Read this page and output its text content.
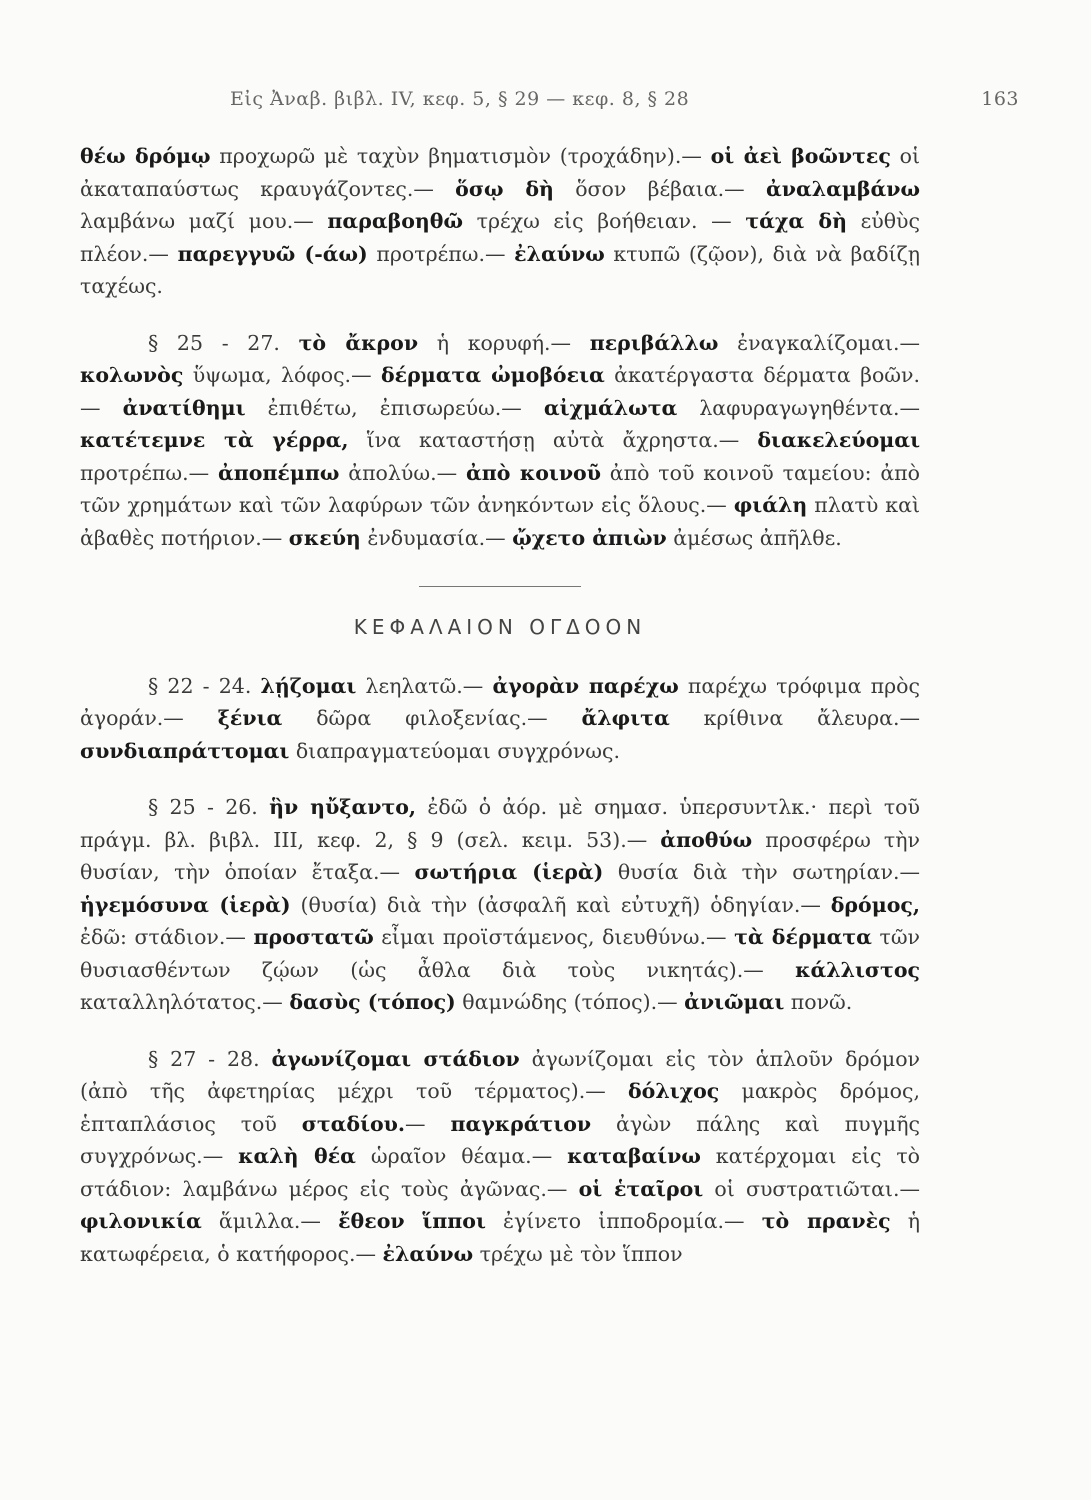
Εἰς Ἀναβ. βιβλ. IV, κεφ. 5, § 29 — κεφ. 8, § 28	163

θέω δρόμῳ προχωρῶ μὲ ταχὺν βηματισμὸν (τροχάδην).— οἱ ἀεὶ βοῶντες οἱ ἀκαταπαύστως κραυγάζοντες.— ὅσῳ δὴ ὅσον βέβαια.— ἀναλαμβάνω λαμβάνω μαζί μου.— παραβοηθῶ τρέχω εἰς βοήθειαν. — τάχα δὴ εὐθὺς πλέον.— παρεγγυῶ (-άω) προτρέπω.— ἐλαύνω κτυπῶ (ζῷον), διὰ νὰ βαδίζῃ ταχέως.

§ 25 - 27. τὸ ἄκρον ἡ κορυφή.— περιβάλλω ἐναγκαλίζομαι.— κολωνὸς ὕψωμα, λόφος.— δέρματα ὠμοβόεια ἀκατέργαστα δέρματα βοῶν.— ἀνατίθημι ἐπιθέτω, ἐπισωρεύω.— αἰχμάλωτα λαφυραγωγηθέντα.— κατέτεμνε τὰ γέρρα, ἵνα καταστήσῃ αὐτὰ ἄχρηστα.— διακελεύομαι προτρέπω.— ἀποπέμπω ἀπολύω.— ἀπὸ κοινοῦ ἀπὸ τοῦ κοινοῦ ταμείου: ἀπὸ τῶν χρημάτων καὶ τῶν λαφύρων τῶν ἀνηκόντων εἰς ὅλους.— φιάλη πλατὺ καὶ ἀβαθὲς ποτήριον.— σκεύη ἐνδυμασία.— ᾤχετο ἀπιὼν ἀμέσως ἀπῆλθε.

ΚΕΦΑΛΑΙΟΝ ΟΓΔΟΟΝ

§ 22 - 24. λῄζομαι λεηλατῶ.— ἀγορὰν παρέχω παρέχω τρόφιμα πρὸς ἀγοράν.— ξένια δῶρα φιλοξενίας.— ἄλφιτα κρίθινα ἄλευρα.— συνδιαπράττομαι διαπραγματεύομαι συγχρόνως.

§ 25 - 26. ἣν ηὔξαντο, ἐδῶ ὁ ἀόρ. μὲ σημασ. ὑπερσυντλκ.· περὶ τοῦ πράγμ. βλ. βιβλ. III, κεφ. 2, § 9 (σελ. κειμ. 53).— ἀποθύω προσφέρω τὴν θυσίαν, τὴν ὁποίαν ἔταξα.— σωτήρια (ἱερὰ) θυσία διὰ τὴν σωτηρίαν.— ἡγεμόσυνα (ἱερὰ) (θυσία) διὰ τὴν (ἀσφαλῆ καὶ εὐτυχῆ) ὁδηγίαν.— δρόμος, ἐδῶ: στάδιον.— προστατῶ εἶμαι προϊστάμενος, διευθύνω.— τὰ δέρματα τῶν θυσιασθέντων ζῴων (ὡς ἆθλα διὰ τοὺς νικητάς).— κάλλιστος καταλληλότατος.— δασὺς (τόπος) θαμνώδης (τόπος).— ἀνιῶμαι πονῶ.

§ 27 - 28. ἀγωνίζομαι στάδιον ἀγωνίζομαι εἰς τὸν ἁπλοῦν δρόμον (ἀπὸ τῆς ἀφετηρίας μέχρι τοῦ τέρματος).— δόλιχος μακρὸς δρόμος, ἑπταπλάσιος τοῦ σταδίου.— παγκράτιον ἀγὼν πάλης καὶ πυγμῆς συγχρόνως.— καλὴ θέα ὡραῖον θέαμα.— καταβαίνω κατέρχομαι εἰς τὸ στάδιον: λαμβάνω μέρος εἰς τοὺς ἀγῶνας.— οἱ ἑταῖροι οἱ συστρατιῶται.— φιλονικία ἅμιλλα.— ἔθεον ἵπποι ἐγίνετο ἱπποδρομία.— τὸ πρανὲς ἡ κατωφέρεια, ὁ κατήφορος.— ἐλαύνω τρέχω μὲ τὸν ἵππον
